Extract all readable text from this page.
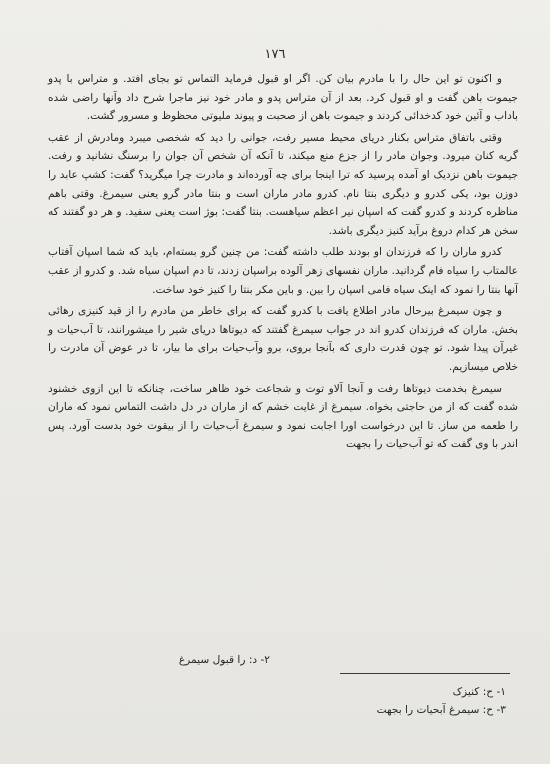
١٧٦

و اکنون تو این حال را با مادرم بیان کن. اگر او قبول فرماید التماس تو بجای افتد. و متراس با پدو جیموت باهن گفت و او قبول کرد. بعد از آن متراس پدو و مادر خود نیز ماجرا شرح داد وآنها راضی شده باداب و آئین خود کدخدائی کردند و جیموت باهن از صحبت و پیوند ملیوتی محظوظ و مسرور گشت.

وقتی باتفاق متراس بکنار دریای محیط مسیر رفت، جوانی را دید که شخصی میبرد ومادرش از عقب گریه کنان میرود. وجوان مادر را از جزع منع میکند، تا آنکه آن شخص آن جوان را برسنگ نشانید و رفت. جیموت باهن نزدیک او آمده پرسید که ترا اینجا برای چه آورده‌اند و مادرت چرا میگرید؟ گفت: کشپ عابد را دوزن بود، یکی کدرو و دیگری بنتا نام. کدرو مادر ماران است و بنتا مادر گرو یعنی سیمرغ. وقتی باهم مناظره کردند و کدرو گفت که اسپان نیر اعظم سیاهست. بنتا گفت: بوژ است یعنی سفید. و هر دو گفتند که سخن هر کدام دروغ برآید کنیز دیگری باشد.

کدرو ماران را که فرزندان او بودند طلب داشته گفت: من چنین گرو بسته‌ام، باید که شما اسپان آفتاب عالمتاب را سیاه فام گردانید. ماران نفسهای زهر آلوده براسپان زدند، تا دم اسپان سیاه شد. و کدرو از عقب آنها بنتا را نمود که اینک سیاه فامی اسپان را بین. و باین مکر بنتا را کنیز خود ساخت.

و چون سیمرغ بیرحال مادر اطلاع یافت با کدرو گفت که برای خاطر من مادرم را از قید کنیزی رهائی بخش. ماران که فرزندان کدرو اند در جواب سیمرغ گفتند که دیوتاها دریای شیر را میشورانند، تا آب‌حیات و غیرآن پیدا شود. تو چون قدرت داری که بآنجا بروی، برو وآب‌حیات برای ما بیار، تا در عوض آن مادرت را خلاص میسازیم.

سیمرغ بخدمت دیوتاها رفت و آنجا آلاو توت و شجاعت خود ظاهر ساخت، چنانکه تا این ازوی خشنود شده گفت که از من حاجتی بخواه. سیمرغ از غایت خشم که از ماران در دل داشت التماس نمود که ماران را طعمه من ساز. تا این درخواست اورا اجابت نمود و سیمرغ آب‌حیات را از بیقوت خود بدست آورد. پس اندر با وی گفت که تو آب‌حیات را بجهت

۲- د: را قبول سیمرغ
۱- ح: کنیزک
۳- ح: سیمرغ آبحیات را بجهت
